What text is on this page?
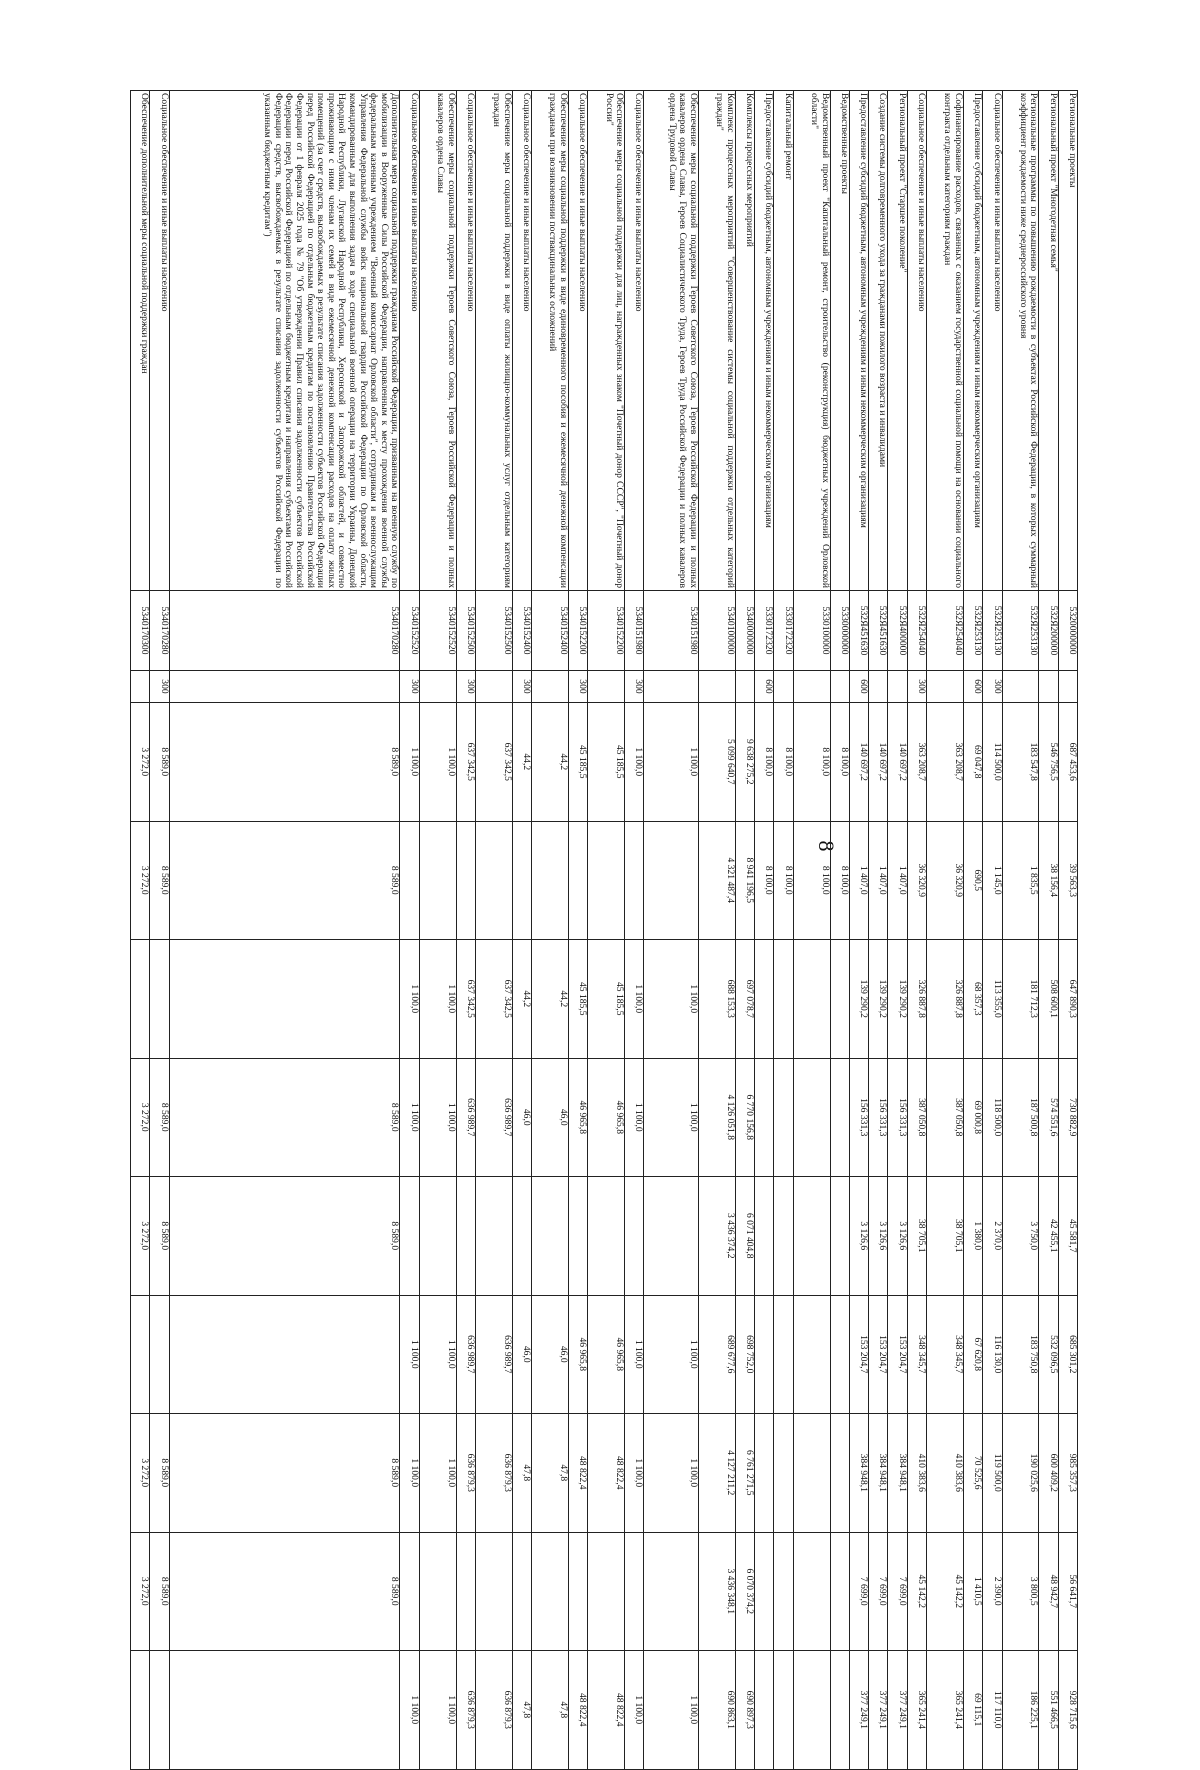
8
Региональные проекты	5320000000		687 453,6	39 563,3	647 890,3	730 882,9	45 581,7	685 301,2	985 357,3	56 641,7	928 715,6
Региональный проект "Многодетная семья"	532Я200000		546 756,5	38 156,4	508 600,1	574 551,6	42 455,1	532 096,5	600 409,2	48 942,7	551 466,5
Региональные программы по повышению рождаемости в субъектах Российской Федерации, в которых суммарный коэффициент рождаемости ниже среднероссийского уровня	532Я253130		183 547,8	1 835,5	181 712,3	187 500,8	3 750,0	183 750,8	190 025,6	3 800,5	186 225,1
Социальное обеспечение и иные выплаты населению	532Я253130	300	114 500,0	1 145,0	113 355,0	118 500,0	2 370,0	116 130,0	119 500,0	2 390,0	117 110,0
Предоставление субсидий бюджетным, автономным учреждениям и иным некоммерческим организациям	532Я253130	600	69 047,8	690,5	68 357,3	69 000,8	1 380,0	67 620,8	70 525,6	1 410,5	69 115,1
Софинансирование расходов, связанных с оказанием государственной социальной помощи на основании социального контракта отдельным категориям граждан	532Я254040		363 208,7	36 320,9	326 887,8	387 050,8	38 705,1	348 345,7	410 383,6	45 142,2	365 241,4
Социальное обеспечение и иные выплаты населению	532Я254040	300	363 208,7	36 320,9	326 887,8	387 050,8	38 705,1	348 345,7	410 383,6	45 142,2	365 241,4
Региональный проект "Старшее поколение"	532Я400000		140 697,2	1 407,0	139 290,2	156 331,3	3 126,6	153 204,7	384 948,1	7 699,0	377 249,1
Создание системы долговременного ухода за гражданами пожилого возраста и инвалидами	532Я451630		140 697,2	1 407,0	139 290,2	156 331,3	3 126,6	153 204,7	384 948,1	7 699,0	377 249,1
Предоставление субсидий бюджетным, автономным учреждениям и иным некоммерческим организациям	532Я451630	600	140 697,2	1 407,0	139 290,2	156 331,3	3 126,6	153 204,7	384 948,1	7 699,0	377 249,1
Ведомственные проекты	5330000000		8 100,0	8 100,0							
Ведомственный проект "Капитальный ремонт, строительство (реконструкция) бюджетных учреждений Орловской области"	5330100000		8 100,0	8 100,0							
Капитальный ремонт	5330172320		8 100,0	8 100,0							
Предоставление субсидий бюджетным, автономным учреждениям и иным некоммерческим организациям	5330172320	600	8 100,0	8 100,0							
Комплексы процессных мероприятий	5340000000		9 638 275,2	8 941 196,5	697 078,7	6 770 156,8	6 071 404,8	698 752,0	6 761 271,5	6 070 374,2	690 897,3
Комплекс процессных мероприятий "Совершенствование системы социальной поддержки отдельных категорий граждан"	5340100000		5 099 640,7	4 321 487,4	688 153,3	4 126 051,8	3 436 374,2	689 677,6	4 127 211,2	3 436 348,1	690 863,1
Обеспечение меры социальной поддержки Героев Советского Союза, Героев Российской Федерации и полных кавалеров ордена Славы, Героев Социалистического Труда, Героев Труда Российской Федерации и полных кавалеров ордена Трудовой Славы	5340151980		1 100,0		1 100,0	1 100,0		1 100,0	1 100,0		1 100,0
Социальное обеспечение и иные выплаты населению	5340151980	300	1 100,0		1 100,0	1 100,0		1 100,0	1 100,0		1 100,0
Обеспечение меры социальной поддержки для лиц, награжденных знаком "Почетный донор СССР", "Почетный донор России"	5340152200		45 185,5		45 185,5	46 965,8		46 965,8	48 822,4		48 822,4
Социальное обеспечение и иные выплаты населению	5340152200	300	45 185,5		45 185,5	46 965,8		46 965,8	48 822,4		48 822,4
Обеспечение меры социальной поддержки в виде единовременного пособия и ежемесячной денежной компенсации гражданам при возникновении поствакцинальных осложнений	5340152400		44,2		44,2	46,0		46,0	47,8		47,8
Социальное обеспечение и иные выплаты населению	5340152400	300	44,2		44,2	46,0		46,0	47,8		47,8
Обеспечение меры социальной поддержки в виде оплаты жилищно-коммунальных услуг отдельным категориям граждан	5340152500		637 342,5		637 342,5	636 989,7		636 989,7	636 879,3		636 879,3
Социальное обеспечение и иные выплаты населению	5340152500	300	637 342,5		637 342,5	636 989,7		636 989,7	636 879,3		636 879,3
Обеспечение меры социальной поддержки Героев Советского Союза, Героев Российской Федерации и полных кавалеров ордена Славы	5340152520		1 100,0		1 100,0	1 100,0		1 100,0	1 100,0		1 100,0
Социальное обеспечение и иные выплаты населению	5340152520	300	1 100,0		1 100,0	1 100,0		1 100,0	1 100,0		1 100,0
Дополнительная мера социальной поддержки гражданам Российской Федерации, призванным на военную службу по мобилизации в Вооруженные Силы Российской Федерации, направленным к месту прохождения военной службы федеральным казенным учреждением "Военный комиссариат Орловской области", сотрудникам и военнослужащим Управления Федеральной службы войск национальной гвардии Российской Федерации по Орловской области, командированным для выполнения задач в ходе специальной военной операции на территории Украины, Донецкой Народной Республики, Луганской Народной Республики, Херсонской и Запорожской областей, и совместно проживающим с ними членам их семей в виде ежемесячной денежной компенсации расходов на оплату жилых помещений (за счет средств, высвобождаемых в результате списания задолженности субъектов Российской Федерации перед Российской Федерацией по отдельным бюджетным кредитам по постановлению Правительства Российской Федерации от 1 февраля 2025 года № 79 "Об утверждении Правил списания задолженности субъектов Российской Федерации перед Российской Федерацией по отдельным бюджетным кредитам и направления субъектами Российской Федерации средств, высвобождаемых в результате списания задолженности субъектов Российской Федерации по указанным бюджетным кредитам")	5340170280		8 589,0	8 589,0		8 589,0	8 589,0		8 589,0	8 589,0	
Социальное обеспечение и иные выплаты населению	5340170280	300	8 589,0	8 589,0		8 589,0	8 589,0		8 589,0	8 589,0	
Обеспечение дополнительной меры социальной поддержки граждан	5340170300		3 272,0	3 272,0		3 272,0	3 272,0		3 272,0	3 272,0	
